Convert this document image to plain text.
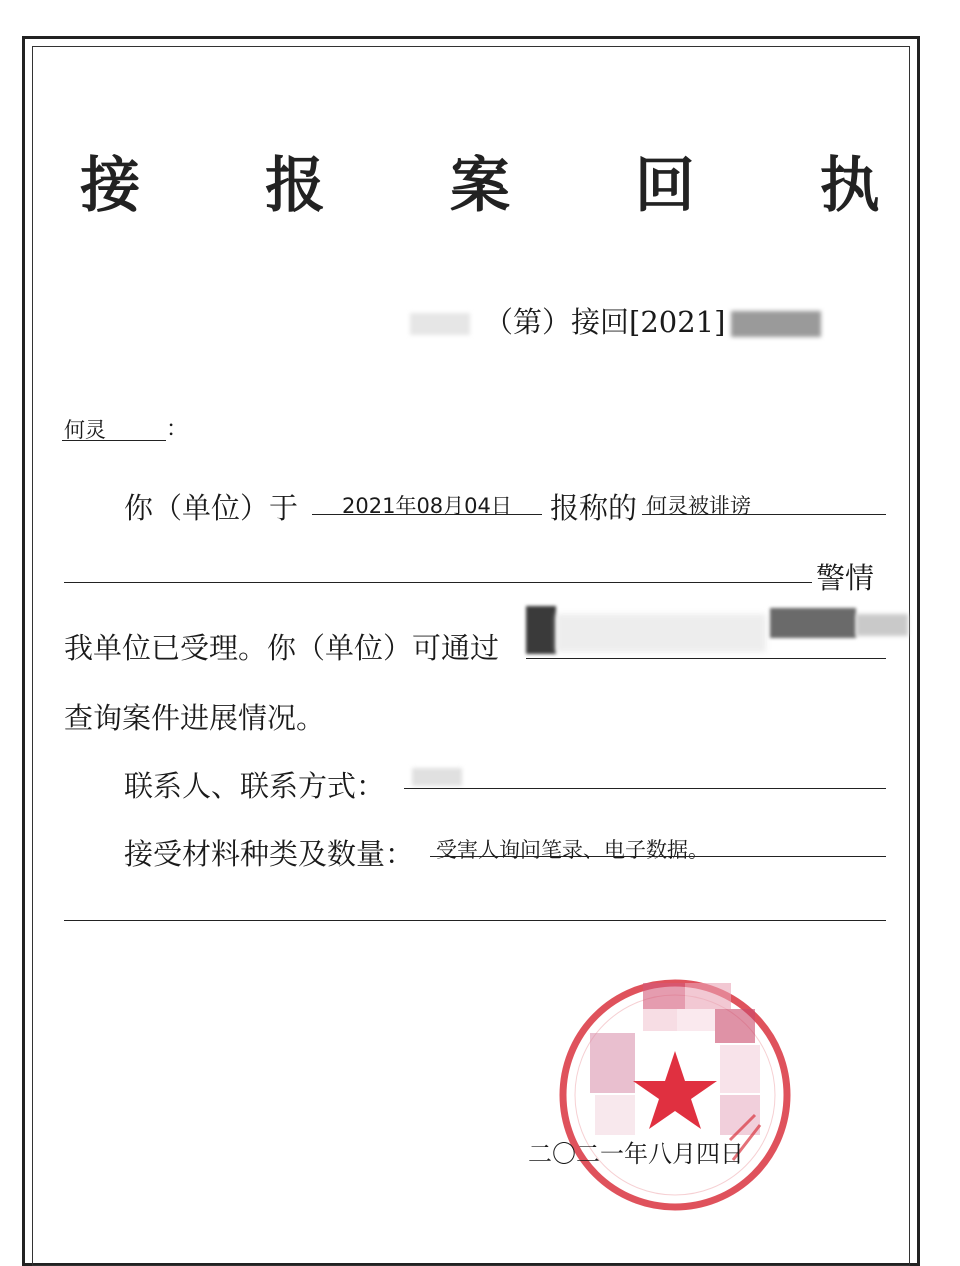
接 报 案 回 执
（第）接回[2021]
何灵	：
你（单位）于 2021年08月04日 报称的 何灵被诽谤
警情
我单位已受理。你（单位）可通过
查询案件进展情况。
联系人、联系方式：
接受材料种类及数量： 受害人询问笔录、电子数据。
二〇二一年八月四日
